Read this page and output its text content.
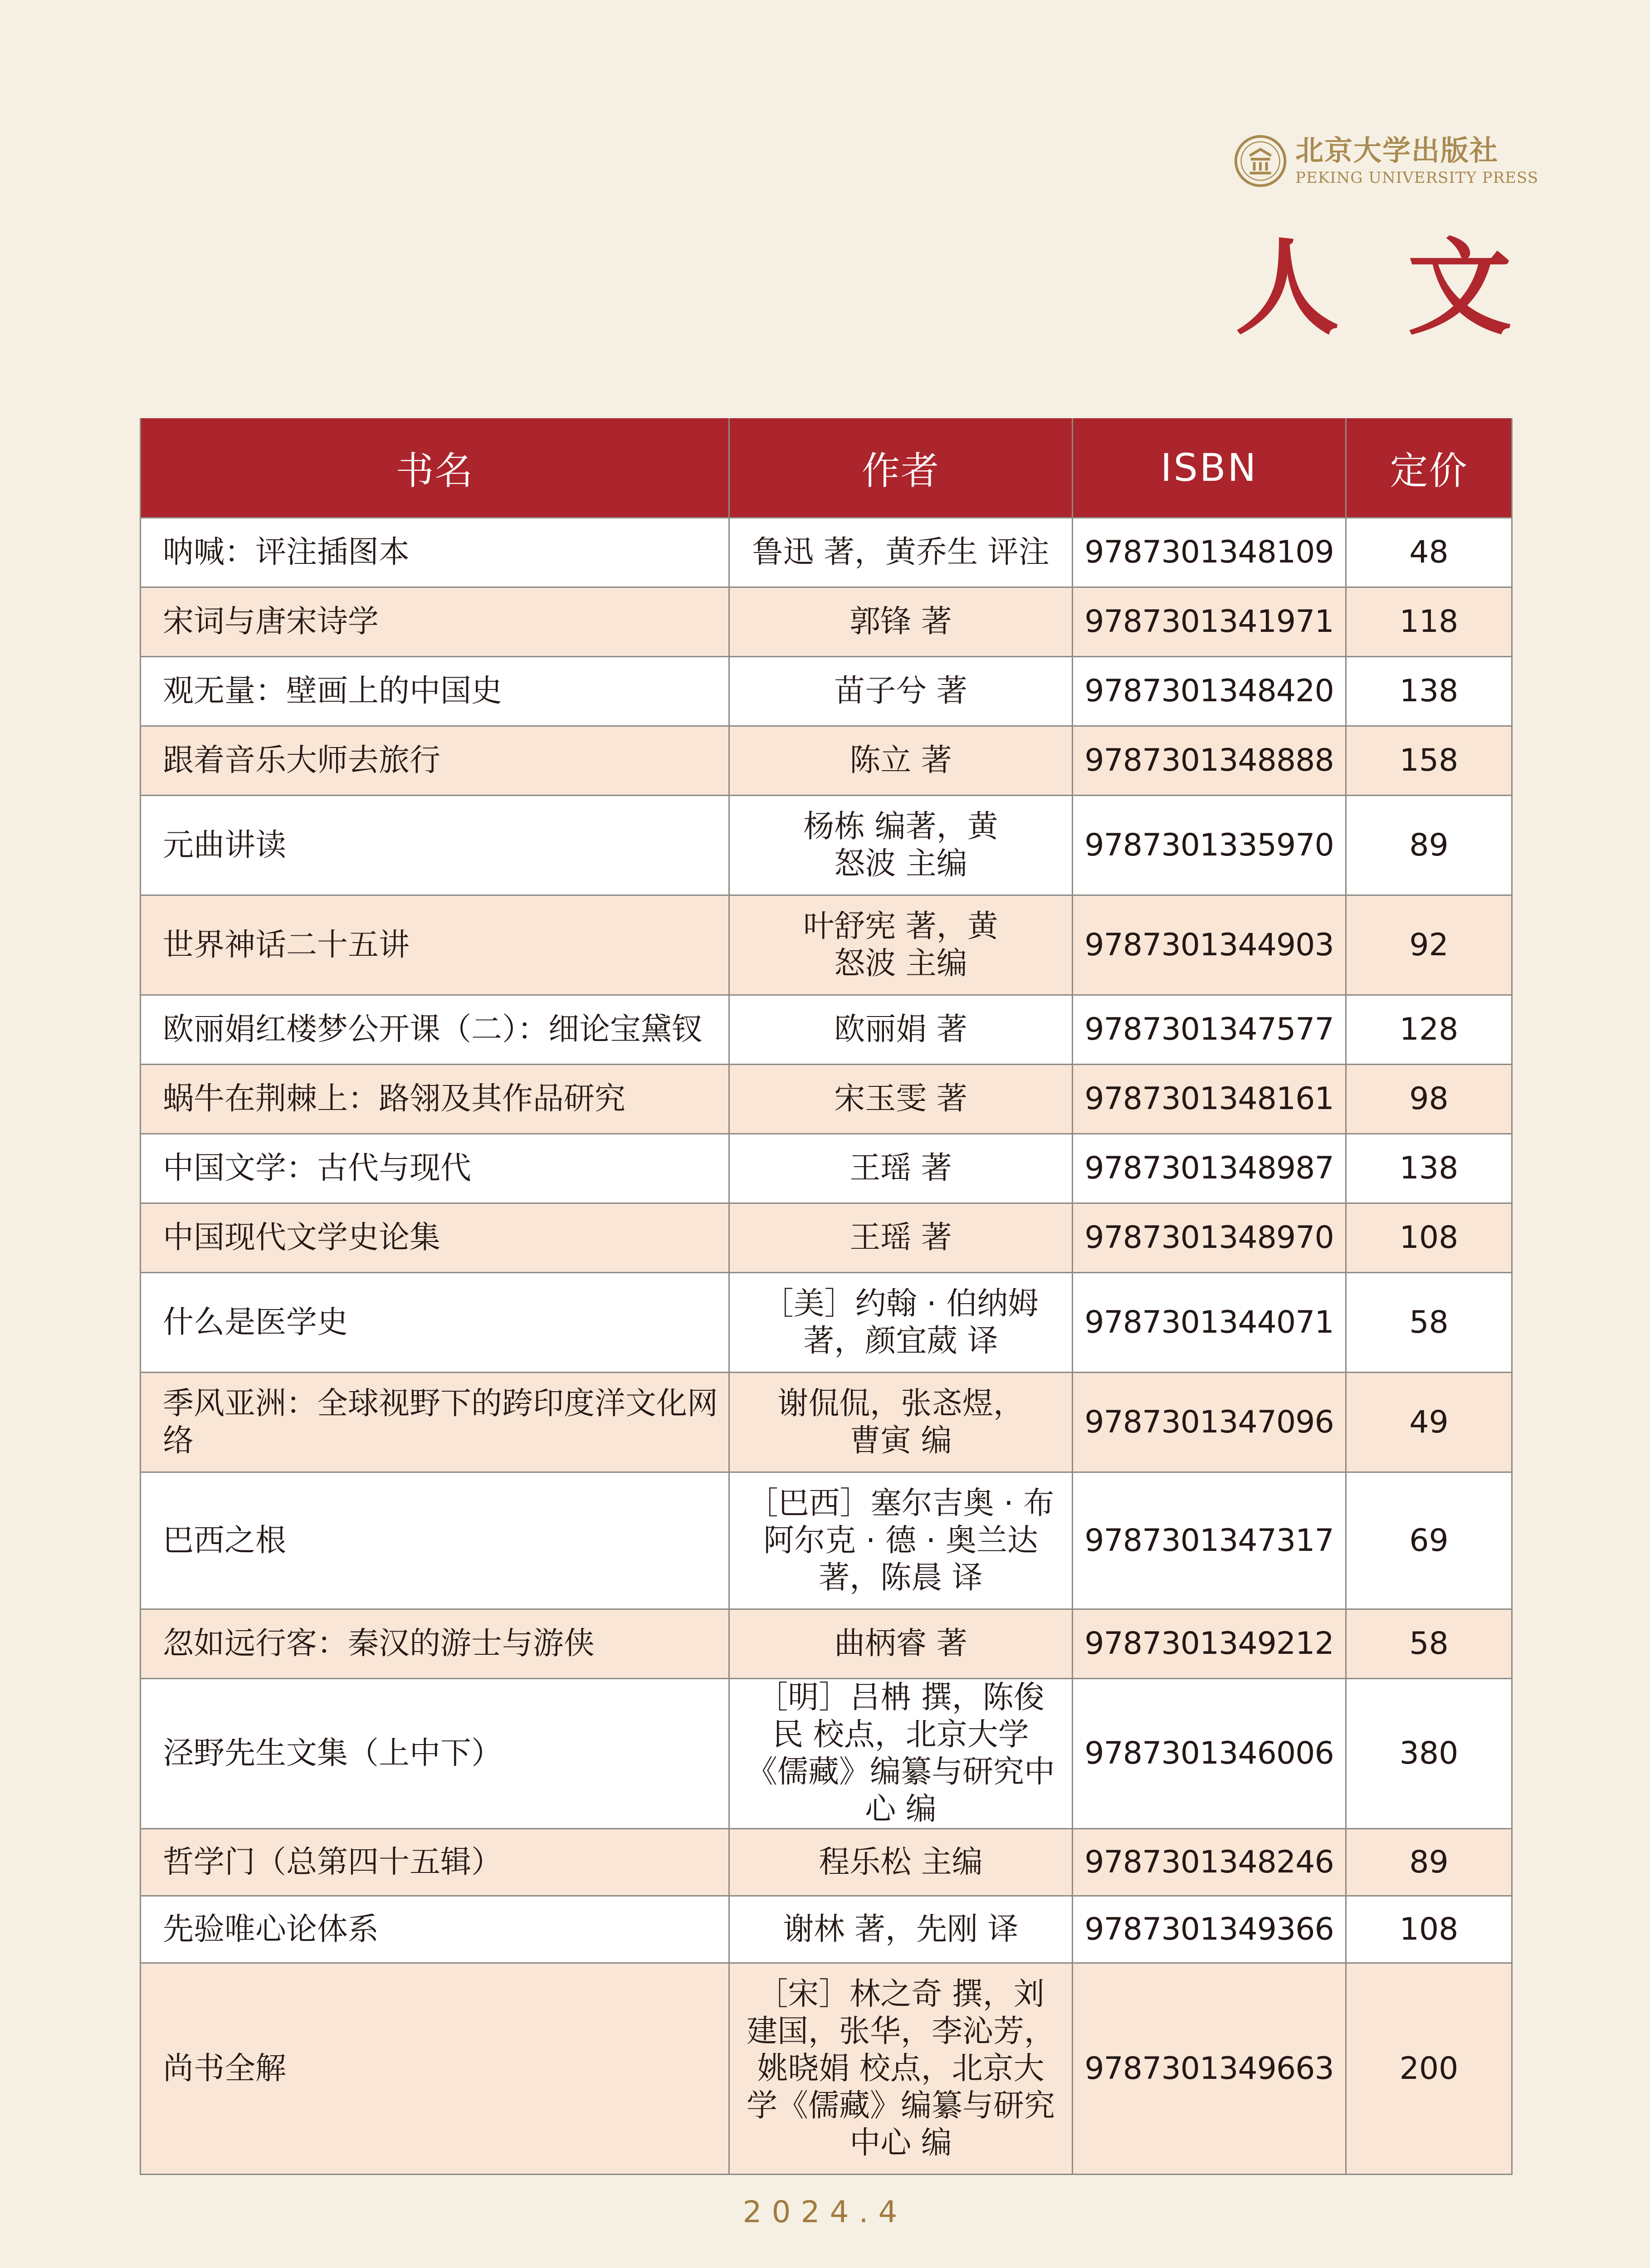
北京大学出版社
PEKING UNIVERSITY PRESS
人文
书名	作者	ISBN	定价
呐喊：评注插图本	鲁迅 著，黄乔生 评注	9787301348109	48
宋词与唐宋诗学	郭锋 著	9787301341971	118
观无量：壁画上的中国史	苗子兮 著	9787301348420	138
跟着音乐大师去旅行	陈立 著	9787301348888	158
元曲讲读	杨栋 编著，黄怒波 主编	9787301335970	89
世界神话二十五讲	叶舒宪 著，黄怒波 主编	9787301344903	92
欧丽娟红楼梦公开课（二）：细论宝黛钗	欧丽娟 著	9787301347577	128
蜗牛在荆棘上：路翎及其作品研究	宋玉雯 著	9787301348161	98
中国文学：古代与现代	王瑶 著	9787301348987	138
中国现代文学史论集	王瑶 著	9787301348970	108
什么是医学史	［美］约翰 · 伯纳姆 著，颜宜葳 译	9787301344071	58
季风亚洲：全球视野下的跨印度洋文化网络	谢侃侃，张忞煜，曹寅 编	9787301347096	49
巴西之根	［巴西］塞尔吉奥 · 布阿尔克 · 德 · 奥兰达 著，陈晨 译	9787301347317	69
忽如远行客：秦汉的游士与游侠	曲柄睿 著	9787301349212	58
泾野先生文集（上中下）	［明］吕柟 撰，陈俊民 校点，北京大学《儒藏》编纂与研究中心 编	9787301346006	380
哲学门（总第四十五辑）	程乐松 主编	9787301348246	89
先验唯心论体系	谢林 著，先刚 译	9787301349366	108
尚书全解	［宋］林之奇 撰，刘建国，张华，李沁芳，姚晓娟 校点，北京大学《儒藏》编纂与研究中心 编	9787301349663	200
2024.4
